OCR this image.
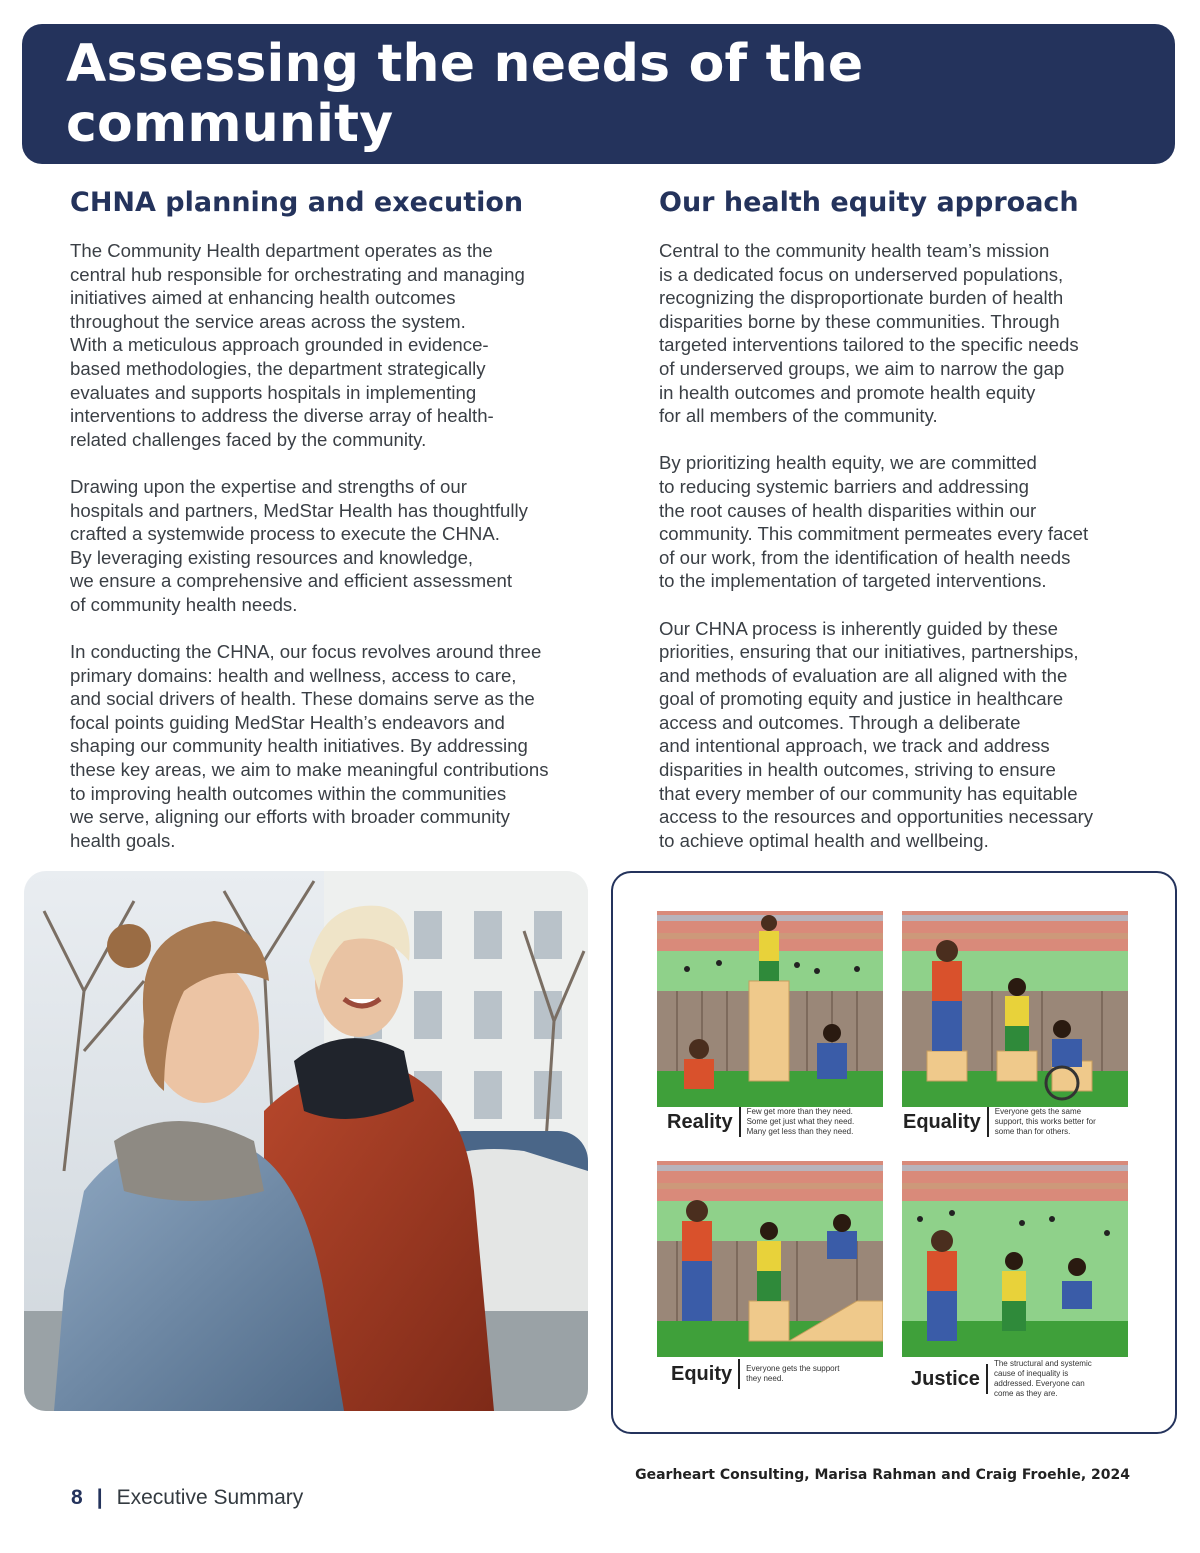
Assessing the needs of the community
CHNA planning and execution

The Community Health department operates as the
central hub responsible for orchestrating and managing
initiatives aimed at enhancing health outcomes
throughout the service areas across the system.
With a meticulous approach grounded in evidence-
based methodologies, the department strategically
evaluates and supports hospitals in implementing
interventions to address the diverse array of health-
related challenges faced by the community.

Drawing upon the expertise and strengths of our
hospitals and partners, MedStar Health has thoughtfully
crafted a systemwide process to execute the CHNA.
By leveraging existing resources and knowledge,
we ensure a comprehensive and efficient assessment
of community health needs.

In conducting the CHNA, our focus revolves around three
primary domains: health and wellness, access to care,
and social drivers of health. These domains serve as the
focal points guiding MedStar Health’s endeavors and
shaping our community health initiatives. By addressing
these key areas, we aim to make meaningful contributions
to improving health outcomes within the communities
we serve, aligning our efforts with broader community
health goals.

Our health equity approach

Central to the community health team’s mission
is a dedicated focus on underserved populations,
recognizing the disproportionate burden of health
disparities borne by these communities. Through
targeted interventions tailored to the specific needs
of underserved groups, we aim to narrow the gap
in health outcomes and promote health equity
for all members of the community.

By prioritizing health equity, we are committed
to reducing systemic barriers and addressing
the root causes of health disparities within our
community. This commitment permeates every facet
of our work, from the identification of health needs
to the implementation of targeted interventions.

Our CHNA process is inherently guided by these
priorities, ensuring that our initiatives, partnerships,
and methods of evaluation are all aligned with the
goal of promoting equity and justice in healthcare
access and outcomes. Through a deliberate
and intentional approach, we track and address
disparities in health outcomes, striving to ensure
that every member of our community has equitable
access to the resources and opportunities necessary
to achieve optimal health and wellbeing.

Reality Few get more than they need.
Some get just what they need.
Many get less than they need.	Equality Everyone gets the same
support, this works better for
some than for others.
Equity Everyone gets the support
they need.	Justice
The structural and systemic
cause of inequality is
addressed. Everyone can
come as they are.
Gearheart Consulting, Marisa Rahman and Craig Froehle, 2024
8 | Executive Summary
